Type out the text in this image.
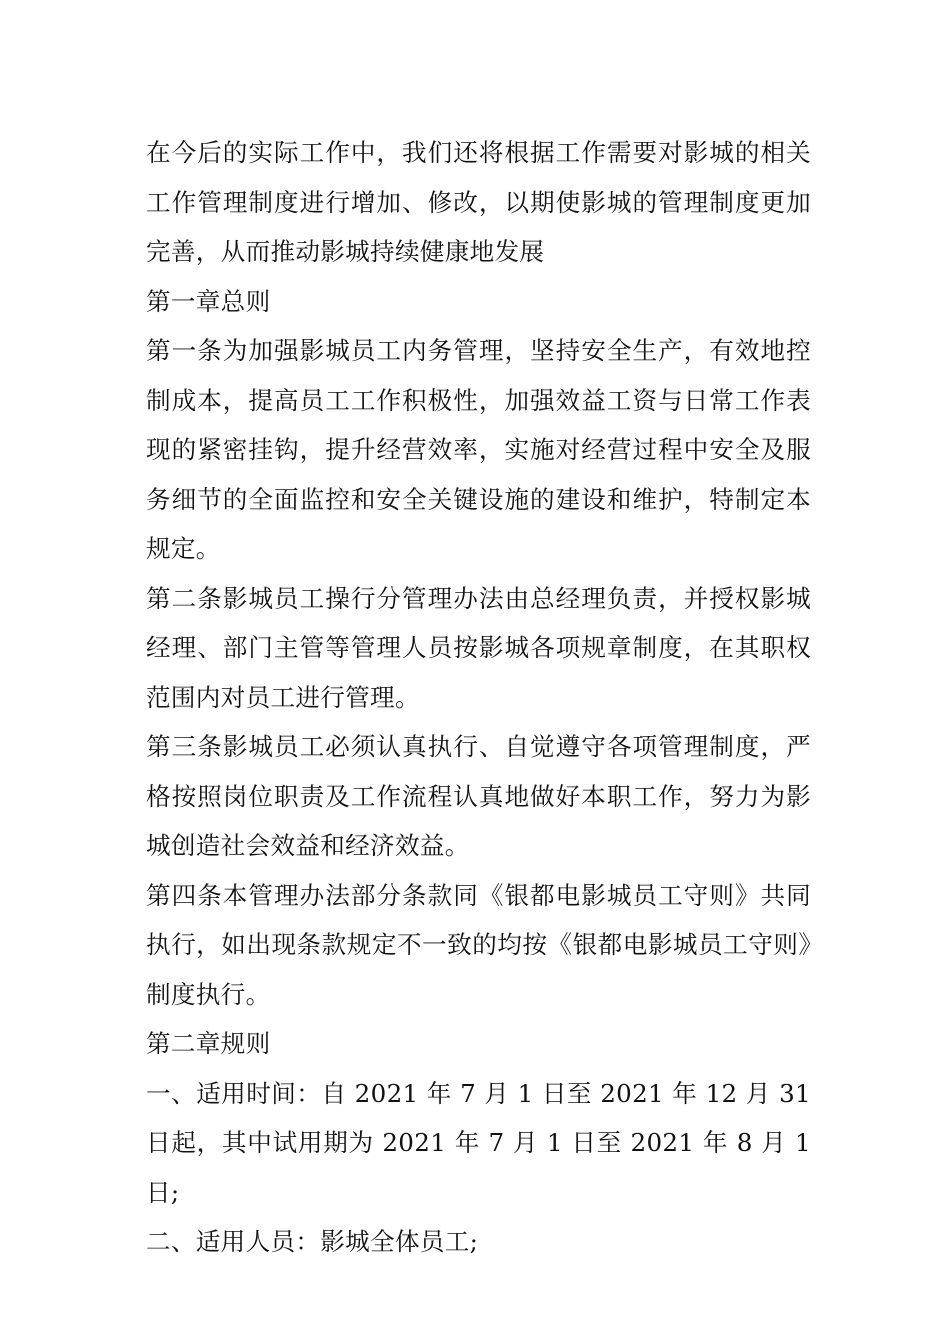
在今后的实际工作中，我们还将根据工作需要对影城的相关工作管理制度进行增加、修改，以期使影城的管理制度更加完善，从而推动影城持续健康地发展

第一章总则

第一条为加强影城员工内务管理，坚持安全生产，有效地控制成本，提高员工工作积极性，加强效益工资与日常工作表现的紧密挂钩，提升经营效率，实施对经营过程中安全及服务细节的全面监控和安全关键设施的建设和维护，特制定本规定。

第二条影城员工操行分管理办法由总经理负责，并授权影城经理、部门主管等管理人员按影城各项规章制度，在其职权范围内对员工进行管理。

第三条影城员工必须认真执行、自觉遵守各项管理制度，严格按照岗位职责及工作流程认真地做好本职工作，努力为影城创造社会效益和经济效益。

第四条本管理办法部分条款同《银都电影城员工守则》共同执行，如出现条款规定不一致的均按《银都电影城员工守则》制度执行。

第二章规则

一、适用时间：自 2021 年 7 月 1 日至 2021 年 12 月 31 日起，其中试用期为 2021 年 7 月 1 日至 2021 年 8 月 1 日;

二、适用人员：影城全体员工;
